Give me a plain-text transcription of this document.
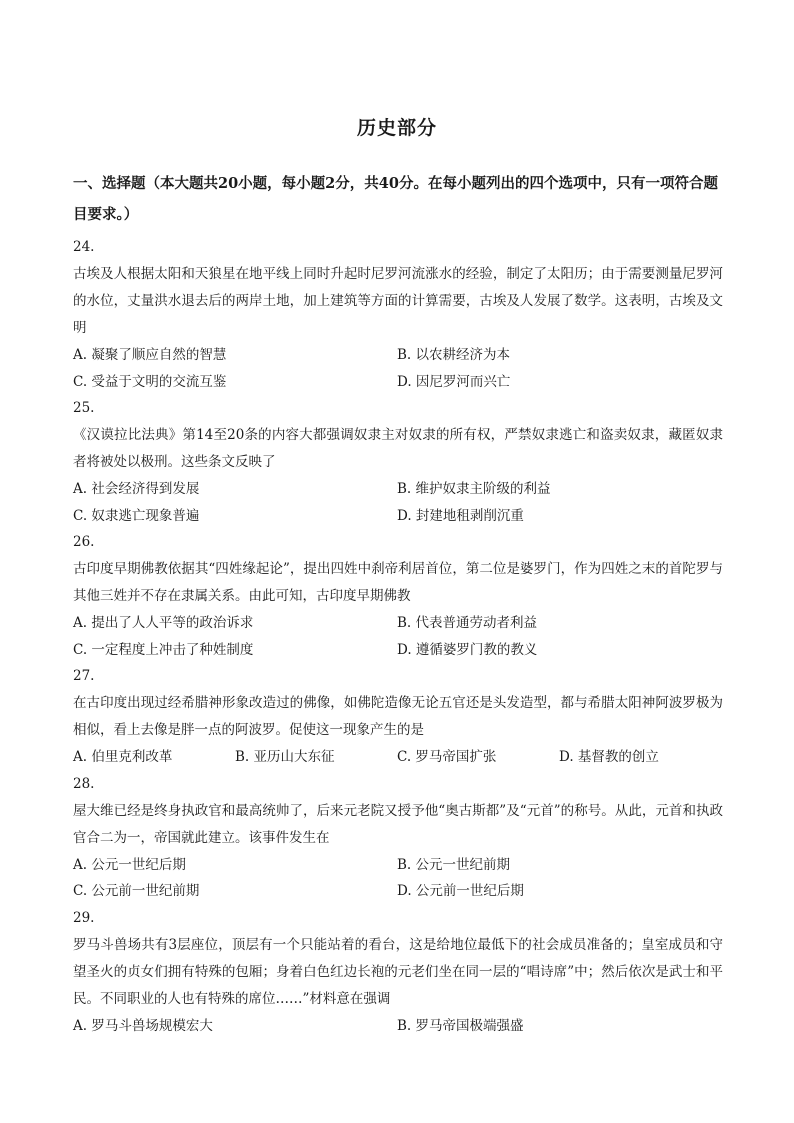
历史部分
一、选择题（本大题共20小题，每小题2分，共40分。在每小题列出的四个选项中，只有一项符合题目要求。）
24.
古埃及人根据太阳和天狼星在地平线上同时升起时尼罗河流涨水的经验，制定了太阳历；由于需要测量尼罗河的水位，丈量洪水退去后的两岸土地，加上建筑等方面的计算需要，古埃及人发展了数学。这表明，古埃及文明
A. 凝聚了顺应自然的智慧	B. 以农耕经济为本
C. 受益于文明的交流互鉴	D. 因尼罗河而兴亡
25.
《汉谟拉比法典》第14至20条的内容大都强调奴隶主对奴隶的所有权，严禁奴隶逃亡和盗卖奴隶，藏匿奴隶者将被处以极刑。这些条文反映了
A. 社会经济得到发展	B. 维护奴隶主阶级的利益
C. 奴隶逃亡现象普遍	D. 封建地租剥削沉重
26.
古印度早期佛教依据其“四姓缘起论”，提出四姓中刹帝利居首位，第二位是婆罗门，作为四姓之末的首陀罗与其他三姓并不存在隶属关系。由此可知，古印度早期佛教
A. 提出了人人平等的政治诉求	B. 代表普通劳动者利益
C. 一定程度上冲击了种姓制度	D. 遵循婆罗门教的教义
27.
在古印度出现过经希腊神形象改造过的佛像，如佛陀造像无论五官还是头发造型，都与希腊太阳神阿波罗极为相似，看上去像是胖一点的阿波罗。促使这一现象产生的是
A. 伯里克利改革	B. 亚历山大东征	C. 罗马帝国扩张	D. 基督教的创立
28.
屋大维已经是终身执政官和最高统帅了，后来元老院又授予他“奥古斯都”及“元首”的称号。从此，元首和执政官合二为一，帝国就此建立。该事件发生在
A. 公元一世纪后期	B. 公元一世纪前期
C. 公元前一世纪前期	D. 公元前一世纪后期
29.
罗马斗兽场共有3层座位，顶层有一个只能站着的看台，这是给地位最低下的社会成员准备的；皇室成员和守望圣火的贞女们拥有特殊的包厢；身着白色红边长袍的元老们坐在同一层的“唱诗席”中；然后依次是武士和平民。不同职业的人也有特殊的席位……”材料意在强调
A. 罗马斗兽场规模宏大	B. 罗马帝国极端强盛
